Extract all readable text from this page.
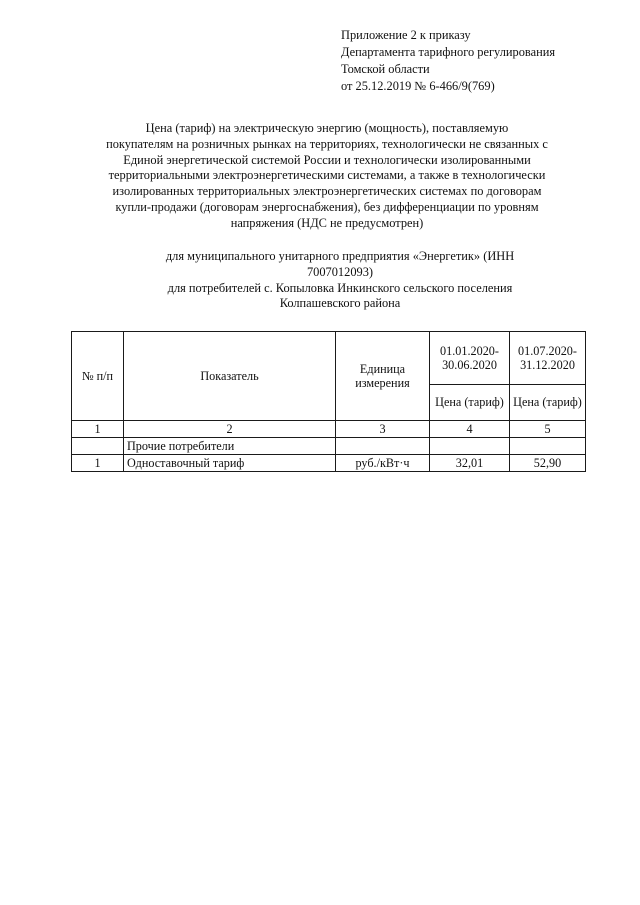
Приложение 2 к приказу
Департамента тарифного регулирования
Томской области
от 25.12.2019 № 6-466/9(769)
Цена (тариф) на электрическую энергию (мощность), поставляемую
покупателям на розничных рынках на территориях, технологически не связанных с
Единой энергетической системой России и технологически изолированными
территориальными электроэнергетическими системами, а также в технологически
изолированных территориальных электроэнергетических системах по договорам
купли-продажи (договорам энергоснабжения), без дифференциации по уровням
напряжения (НДС не предусмотрен)
для муниципального унитарного предприятия «Энергетик» (ИНН
7007012093)
для потребителей с. Копыловка Инкинского сельского поселения
Колпашевского района
№ п/п	Показатель	Единица измерения	01.01.2020-30.06.2020	01.07.2020-31.12.2020
			Цена (тариф)	Цена (тариф)
1	2	3	4	5
	Прочие потребители			
1	Одноставочный тариф	руб./кВт·ч	32,01	52,90
